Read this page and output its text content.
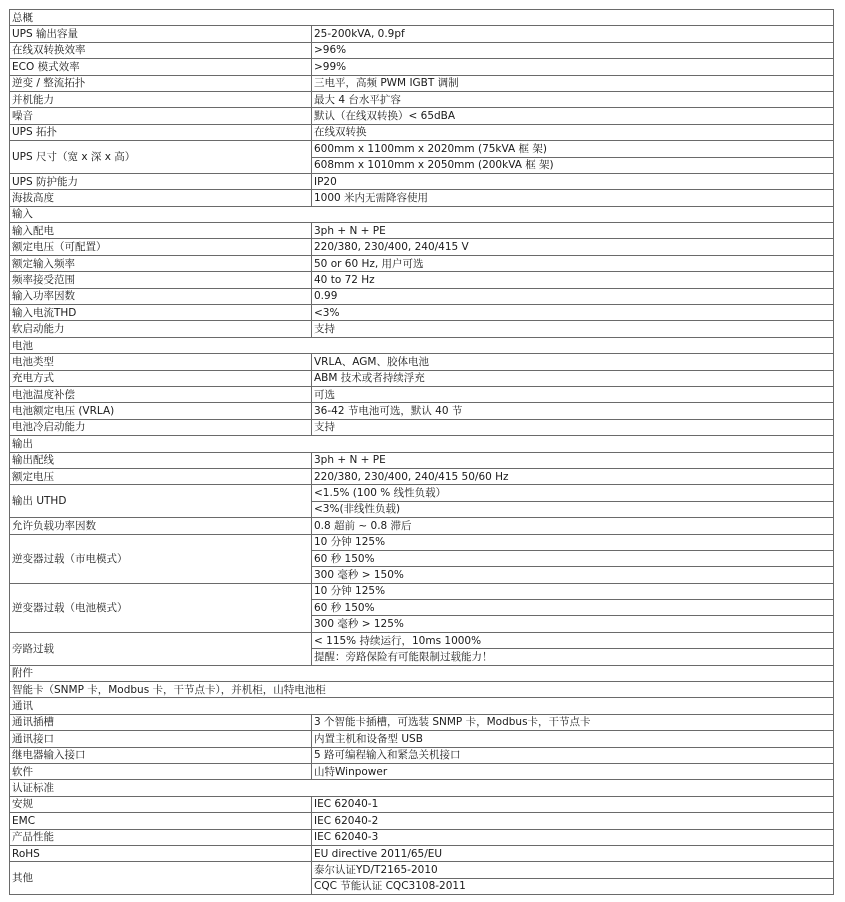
总概	
UPS 输出容量	25-200kVA, 0.9pf
在线双转换效率	>96%
ECO 模式效率	>99%
逆变 / 整流拓扑	三电平，高频 PWM IGBT 调制
并机能力	最大 4 台水平扩容
噪音	默认（在线双转换）< 65dBA
UPS 拓扑	在线双转换
UPS 尺寸（宽 x 深 x 高）	600mm x 1100mm x 2020mm (75kVA 框 架)
	608mm x 1010mm x 2050mm (200kVA 框 架)
UPS 防护能力	IP20
海拔高度	1000 米内无需降容使用
输入	
输入配电	3ph + N + PE
额定电压（可配置）	220/380, 230/400, 240/415 V
额定输入频率	50 or 60 Hz, 用户可选
频率接受范围	40 to 72 Hz
输入功率因数	0.99
输入电流THD	<3%
软启动能力	支持
电池	
电池类型	VRLA、AGM、胶体电池
充电方式	ABM 技术或者持续浮充
电池温度补偿	可选
电池额定电压 (VRLA)	36-42 节电池可选，默认 40 节
电池冷启动能力	支持
输出	
输出配线	3ph + N + PE
额定电压	220/380, 230/400, 240/415 50/60 Hz
输出 UTHD	<1.5% (100 % 线性负载）
	<3%(非线性负载)
允许负载功率因数	0.8 超前 ~ 0.8 滞后
逆变器过载（市电模式）	10 分钟 125%
	60 秒 150%
	300 毫秒 > 150%
逆变器过载（电池模式）	10 分钟 125%
	60 秒 150%
	300 毫秒 > 125%
旁路过载	< 115% 持续运行，10ms 1000%
	提醒：旁路保险有可能限制过载能力！
附件	
智能卡（SNMP 卡，Modbus 卡，干节点卡），并机柜，山特电池柜	
通讯	
通讯插槽	3 个智能卡插槽，可选装 SNMP 卡，Modbus卡，干节点卡
通讯接口	内置主机和设备型 USB
继电器输入接口	5 路可编程输入和紧急关机接口
软件	山特Winpower
认证标准	
安规	IEC 62040-1
EMC	IEC 62040-2
产品性能	IEC 62040-3
RoHS	EU directive 2011/65/EU
其他	泰尔认证YD/T2165-2010
	CQC 节能认证 CQC3108-2011
